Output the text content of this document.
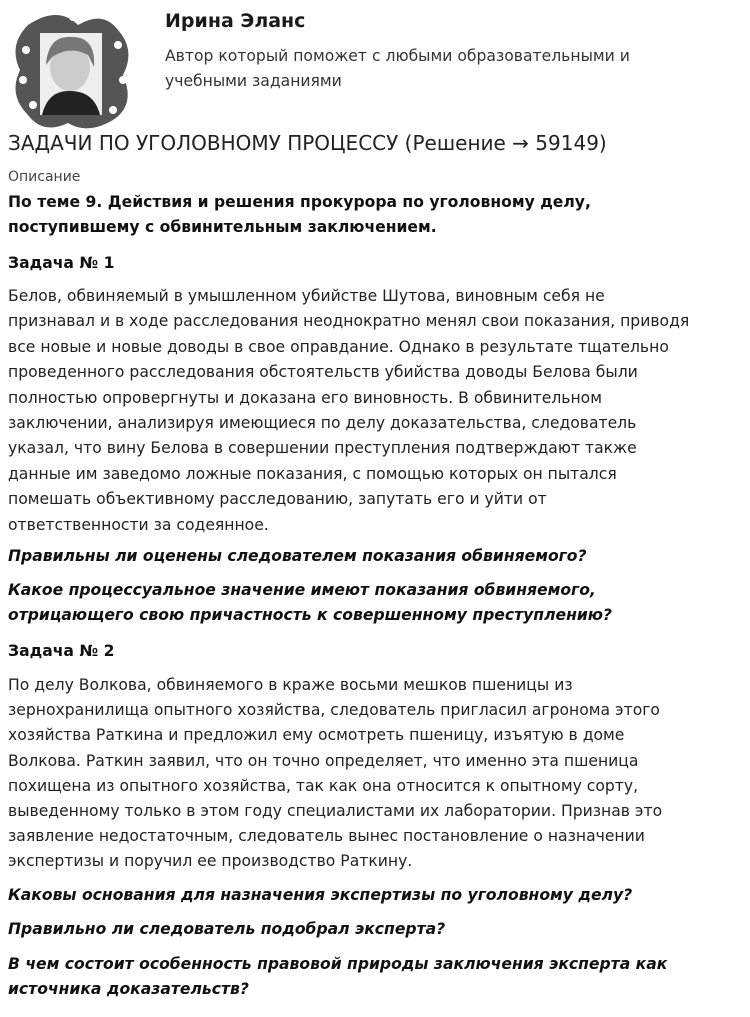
Ирина Эланс
Автор который поможет с любыми образовательными и
учебными заданиями
ЗАДАЧИ ПО УГОЛОВНОМУ ПРОЦЕССУ (Решение → 59149)
Описание
По теме 9. Действия и решения прокурора по уголовному делу,
поступившему с обвинительным заключением.
Задача № 1
Белов, обвиняемый в умышленном убийстве Шутова, виновным себя не
признавал и в ходе расследования неоднократно менял свои показания, приводя
все новые и новые доводы в свое оправдание. Однако в результате тщательно
проведенного расследования обстоятельств убийства доводы Белова были
полностью опровергнуты и доказана его виновность. В обвинительном
заключении, анализируя имеющиеся по делу доказательства, следователь
указал, что вину Белова в совершении преступления подтверждают также
данные им заведомо ложные показания, с помощью которых он пытался
помешать объективному расследованию, запутать его и уйти от
ответственности за содеянное.
Правильны ли оценены следователем показания обвиняемого?
Какое процессуальное значение имеют показания обвиняемого,
отрицающего свою причастность к совершенному преступлению?
Задача № 2
По делу Волкова, обвиняемого в краже восьми мешков пшеницы из
зернохранилища опытного хозяйства, следователь пригласил агронома этого
хозяйства Раткина и предложил ему осмотреть пшеницу, изъятую в доме
Волкова. Раткин заявил, что он точно определяет, что именно эта пшеница
похищена из опытного хозяйства, так как она относится к опытному сорту,
выведенному только в этом году специалистами их лаборатории. Признав это
заявление недостаточным, следователь вынес постановление о назначении
экспертизы и поручил ее производство Раткину.
Каковы основания для назначения экспертизы по уголовному делу?
Правильно ли следователь подобрал эксперта?
В чем состоит особенность правовой природы заключения эксперта как
источника доказательств?
